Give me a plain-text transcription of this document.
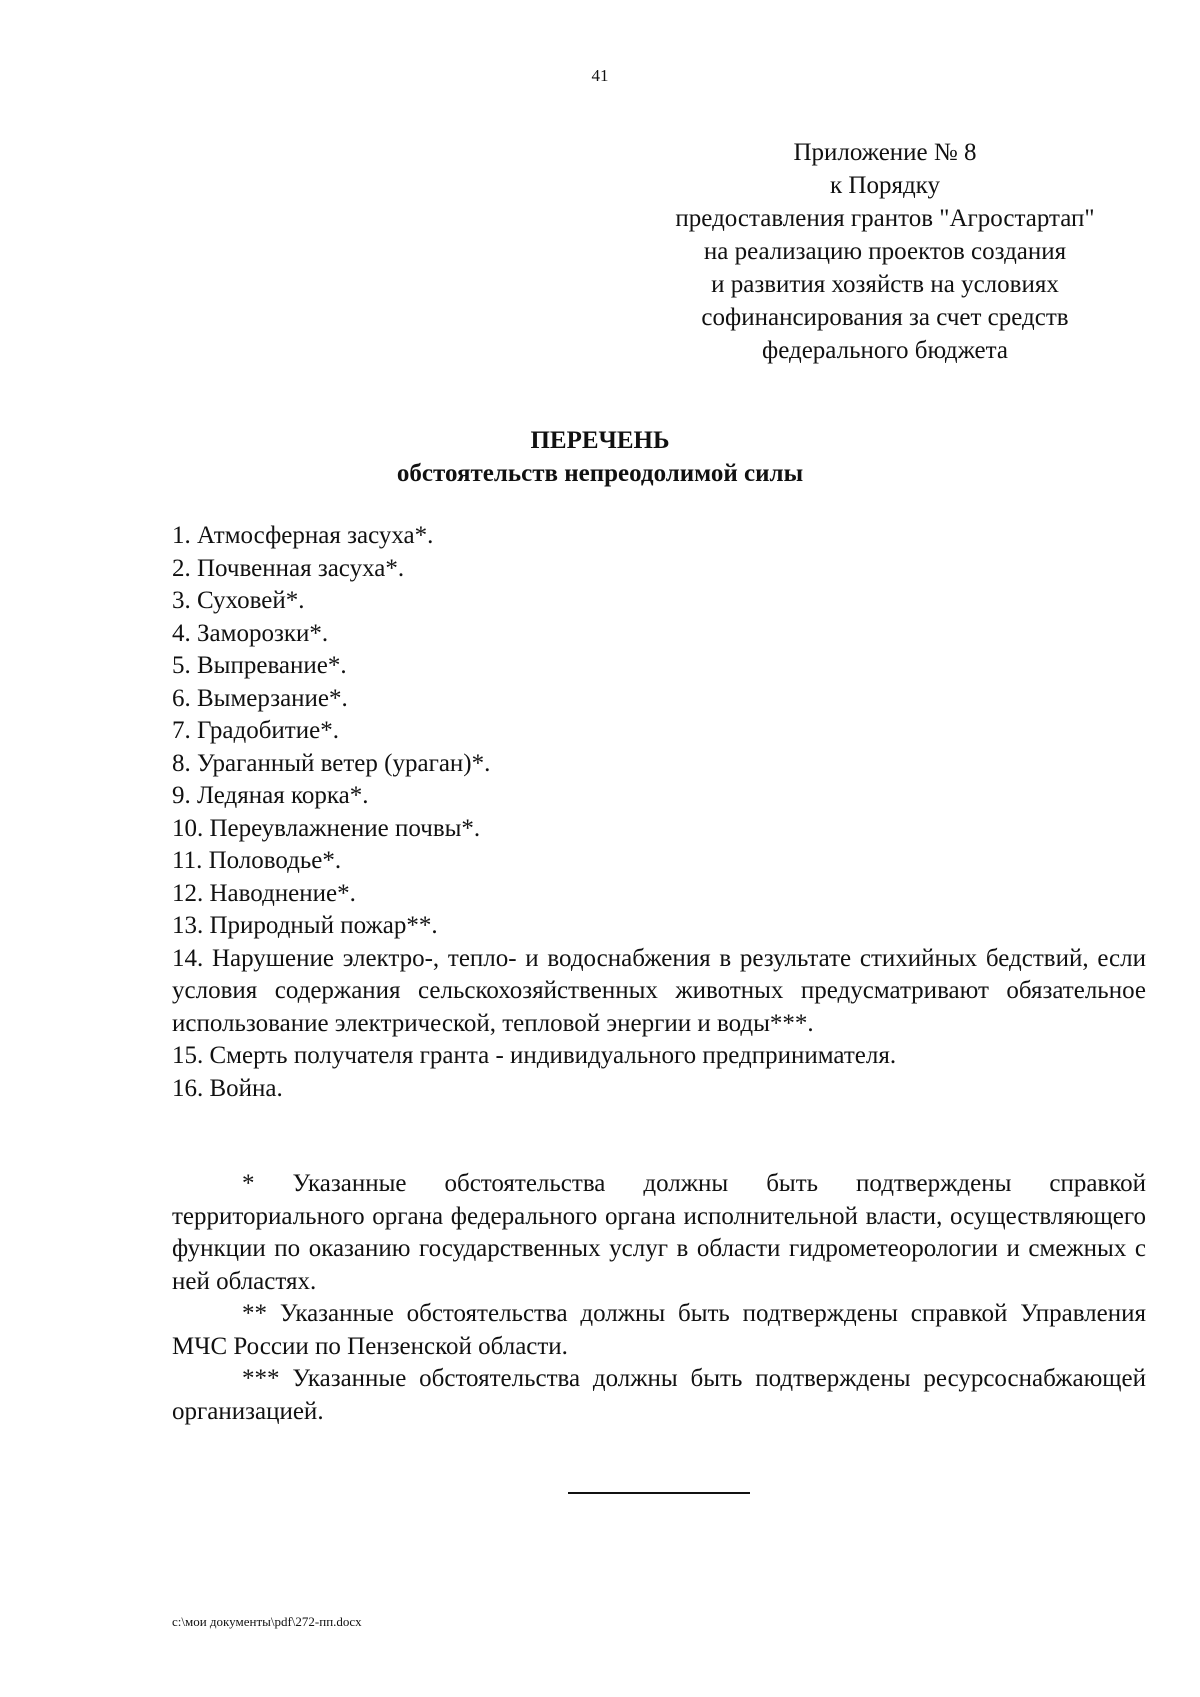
41
Приложение № 8
к Порядку
предоставления грантов "Агростартап"
на реализацию проектов создания
и развития хозяйств на условиях
софинансирования за счет средств
федерального бюджета
ПЕРЕЧЕНЬ
обстоятельств непреодолимой силы
1. Атмосферная засуха*.
2. Почвенная засуха*.
3. Суховей*.
4. Заморозки*.
5. Выпревание*.
6. Вымерзание*.
7. Градобитие*.
8. Ураганный ветер (ураган)*.
9. Ледяная корка*.
10. Переувлажнение почвы*.
11. Половодье*.
12. Наводнение*.
13. Природный пожар**.
14. Нарушение электро-, тепло- и водоснабжения в результате стихийных бедствий, если условия содержания сельскохозяйственных животных предусматривают обязательное использование электрической, тепловой энергии и воды***.
15. Смерть получателя гранта - индивидуального предпринимателя.
16. Война.
* Указанные обстоятельства должны быть подтверждены справкой территориального органа федерального органа исполнительной власти, осуществляющего функции по оказанию государственных услуг в области гидрометеорологии и смежных с ней областях.
** Указанные обстоятельства должны быть подтверждены справкой Управления МЧС России по Пензенской области.
*** Указанные обстоятельства должны быть подтверждены ресурсоснабжающей организацией.
c:\мои документы\pdf\272-пп.docx
